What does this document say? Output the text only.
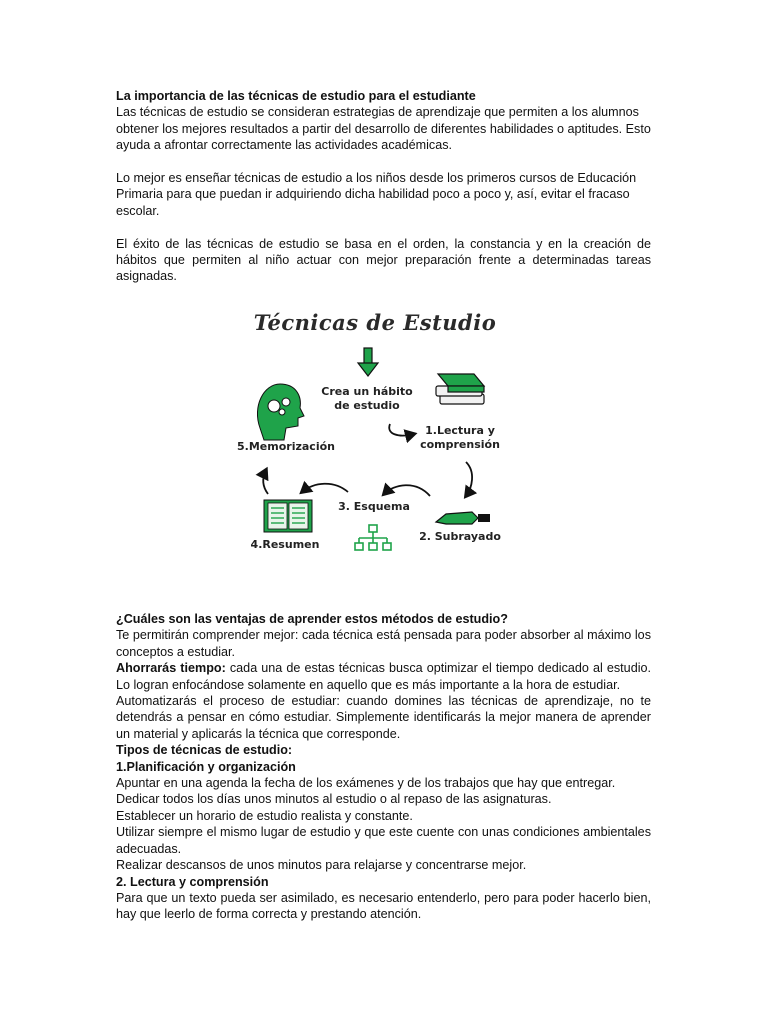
La importancia de las técnicas de estudio para el estudiante

Las técnicas de estudio se consideran estrategias de aprendizaje que permiten a los alumnos obtener los mejores resultados a partir del desarrollo de diferentes habilidades o aptitudes. Esto ayuda a afrontar correctamente las actividades académicas.

Lo mejor es enseñar técnicas de estudio a los niños desde los primeros cursos de Educación Primaria para que puedan ir adquiriendo dicha habilidad poco a poco y, así, evitar el fracaso escolar.

El éxito de las técnicas de estudio se basa en el orden, la constancia y en la creación de hábitos que permiten al niño actuar con mejor preparación frente a determinadas tareas asignadas.

Técnicas de Estudio
Crea un hábito
de estudio
1.Lectura y
comprensión
2. Subrayado
3. Esquema
4.Resumen
5.Memorización

¿Cuáles son las ventajas de aprender estos métodos de estudio?

Te permitirán comprender mejor: cada técnica está pensada para poder absorber al máximo los conceptos a estudiar.

Ahorrarás tiempo: cada una de estas técnicas busca optimizar el tiempo dedicado al estudio. Lo logran enfocándose solamente en aquello que es más importante a la hora de estudiar.

Automatizarás el proceso de estudiar: cuando domines las técnicas de aprendizaje, no te detendrás a pensar en cómo estudiar. Simplemente identificarás la mejor manera de aprender un material y aplicarás la técnica que corresponde.

Tipos de técnicas de estudio:

1.Planificación y organización

Apuntar en una agenda la fecha de los exámenes y de los trabajos que hay que entregar.

Dedicar todos los días unos minutos al estudio o al repaso de las asignaturas.

Establecer un horario de estudio realista y constante.

Utilizar siempre el mismo lugar de estudio y que este cuente con unas condiciones ambientales adecuadas.

Realizar descansos de unos minutos para relajarse y concentrarse mejor.

2. Lectura y comprensión

Para que un texto pueda ser asimilado, es necesario entenderlo, pero para poder hacerlo bien, hay que leerlo de forma correcta y prestando atención.
